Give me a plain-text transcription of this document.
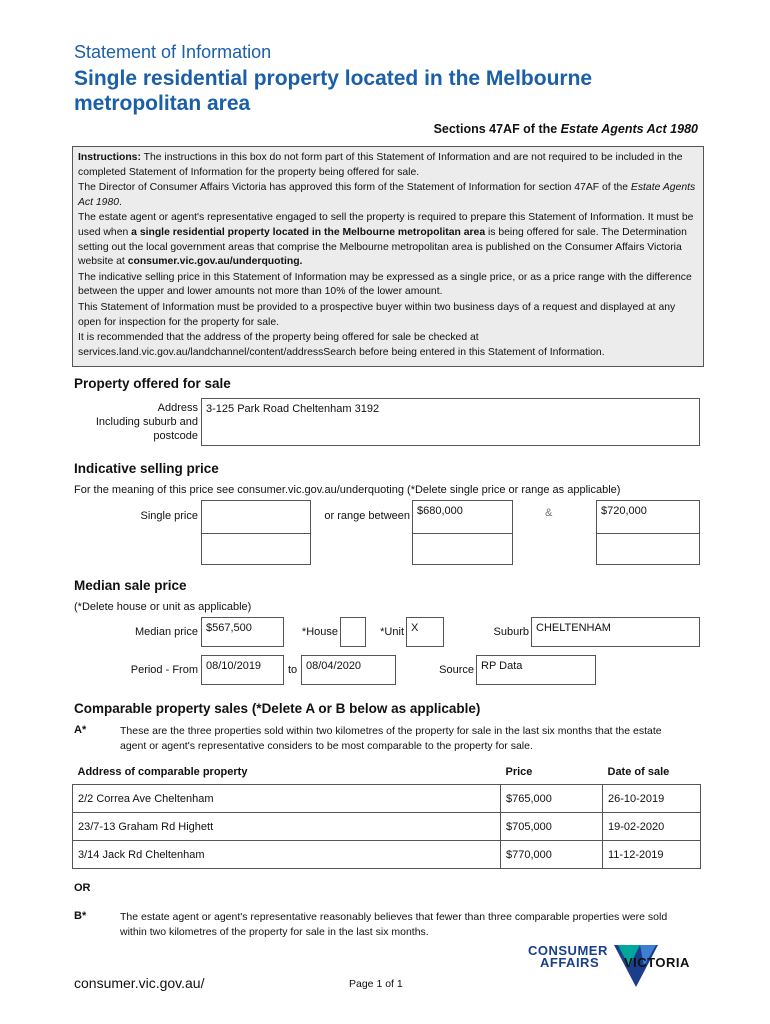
Statement of Information
Single residential property located in the Melbourne metropolitan area
Sections 47AF of the Estate Agents Act 1980

Instructions: The instructions in this box do not form part of this Statement of Information and are not required to be included in the completed Statement of Information for the property being offered for sale.

The Director of Consumer Affairs Victoria has approved this form of the Statement of Information for section 47AF of the Estate Agents Act 1980.

The estate agent or agent's representative engaged to sell the property is required to prepare this Statement of Information. It must be used when a single residential property located in the Melbourne metropolitan area is being offered for sale. The Determination setting out the local government areas that comprise the Melbourne metropolitan area is published on the Consumer Affairs Victoria website at consumer.vic.gov.au/underquoting.

The indicative selling price in this Statement of Information may be expressed as a single price, or as a price range with the difference between the upper and lower amounts not more than 10% of the lower amount.

This Statement of Information must be provided to a prospective buyer within two business days of a request and displayed at any open for inspection for the property for sale.

It is recommended that the address of the property being offered for sale be checked at services.land.vic.gov.au/landchannel/content/addressSearch before being entered in this Statement of Information.

Property offered for sale
Address
Including suburb and
postcode
3-125 Park Road Cheltenham 3192
Indicative selling price
For the meaning of this price see consumer.vic.gov.au/underquoting (*Delete single price or range as applicable)
Single price	or range between $680,000	&	$720,000
Median sale price
(*Delete house or unit as applicable)
Median price $567,500	*House	*Unit X	Suburb CHELTENHAM
Period - From 08/10/2019	to 08/04/2020	Source RP Data
Comparable property sales (*Delete A or B below as applicable)
A*	These are the three properties sold within two kilometres of the property for sale in the last six months that the estate agent or agent's representative considers to be most comparable to the property for sale.
Address of comparable property	Price	Date of sale
2/2 Correa Ave Cheltenham	$765,000	26-10-2019
23/7-13 Graham Rd Highett	$705,000	19-02-2020
3/14 Jack Rd Cheltenham	$770,000	11-12-2019
OR
B*	The estate agent or agent's representative reasonably believes that fewer than three comparable properties were sold within two kilometres of the property for sale in the last six months.
consumer.vic.gov.au/	Page 1 of 1
CONSUMER
AFFAIRS VICTORIA
